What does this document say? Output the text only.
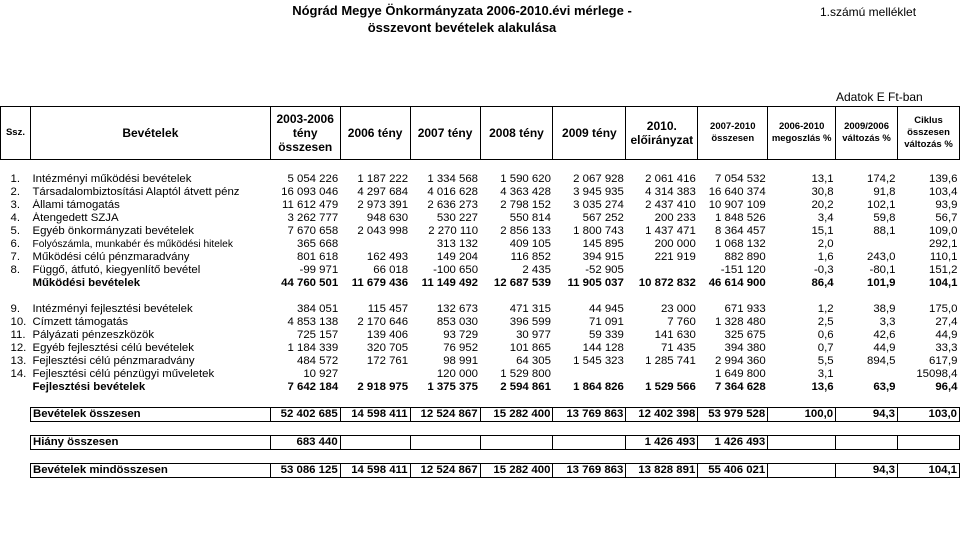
Nógrád Megye Önkormányzata 2006-2010.évi mérlege -
összevont bevételek alakulása
1.számú melléklet
Adatok E Ft-ban
Ssz.	Bevételek	2003-2006 tény összesen	2006 tény	2007 tény	2008 tény	2009 tény	2010. előirányzat	2007-2010 összesen	2006-2010 megoszlás %	2009/2006 változás %	Ciklus összesen változás %

1.	Intézményi működési bevételek	5 054 226	1 187 222	1 334 568	1 590 620	2 067 928	2 061 416	7 054 532	13,1	174,2	139,6
2.	Társadalombiztosítási Alaptól átvett pénz	16 093 046	4 297 684	4 016 628	4 363 428	3 945 935	4 314 383	16 640 374	30,8	91,8	103,4
3.	Állami támogatás	11 612 479	2 973 391	2 636 273	2 798 152	3 035 274	2 437 410	10 907 109	20,2	102,1	93,9
4.	Átengedett SZJA	3 262 777	948 630	530 227	550 814	567 252	200 233	1 848 526	3,4	59,8	56,7
5.	Egyéb önkormányzati bevételek	7 670 658	2 043 998	2 270 110	2 856 133	1 800 743	1 437 471	8 364 457	15,1	88,1	109,0
6.	Folyószámla, munkabér és működési hitelek	365 668		313 132	409 105	145 895	200 000	1 068 132	2,0		292,1
7.	Működési célú pénzmaradvány	801 618	162 493	149 204	116 852	394 915	221 919	882 890	1,6	243,0	110,1
8.	Függő, átfutó, kiegyenlítő bevétel	-99 971	66 018	-100 650	2 435	-52 905		-151 120	-0,3	-80,1	151,2
	Működési bevételek	44 760 501	11 679 436	11 149 492	12 687 539	11 905 037	10 872 832	46 614 900	86,4	101,9	104,1

9.	Intézményi fejlesztési bevételek	384 051	115 457	132 673	471 315	44 945	23 000	671 933	1,2	38,9	175,0
10.	Címzett támogatás	4 853 138	2 170 646	853 030	396 599	71 091	7 760	1 328 480	2,5	3,3	27,4
11.	Pályázati pénzeszközök	725 157	139 406	93 729	30 977	59 339	141 630	325 675	0,6	42,6	44,9
12.	Egyéb fejlesztési célú bevételek	1 184 339	320 705	76 952	101 865	144 128	71 435	394 380	0,7	44,9	33,3
13.	Fejlesztési célú pénzmaradvány	484 572	172 761	98 991	64 305	1 545 323	1 285 741	2 994 360	5,5	894,5	617,9
14.	Fejlesztési célú pénzügyi műveletek	10 927		120 000	1 529 800			1 649 800	3,1		15098,4
	Fejlesztési bevételek	7 642 184	2 918 975	1 375 375	2 594 861	1 864 826	1 529 566	7 364 628	13,6	63,9	96,4

	Bevételek összesen	52 402 685	14 598 411	12 524 867	15 282 400	13 769 863	12 402 398	53 979 528	100,0	94,3	103,0

	Hiány összesen	683 440					1 426 493	1 426 493			

	Bevételek mindösszesen	53 086 125	14 598 411	12 524 867	15 282 400	13 769 863	13 828 891	55 406 021		94,3	104,1
